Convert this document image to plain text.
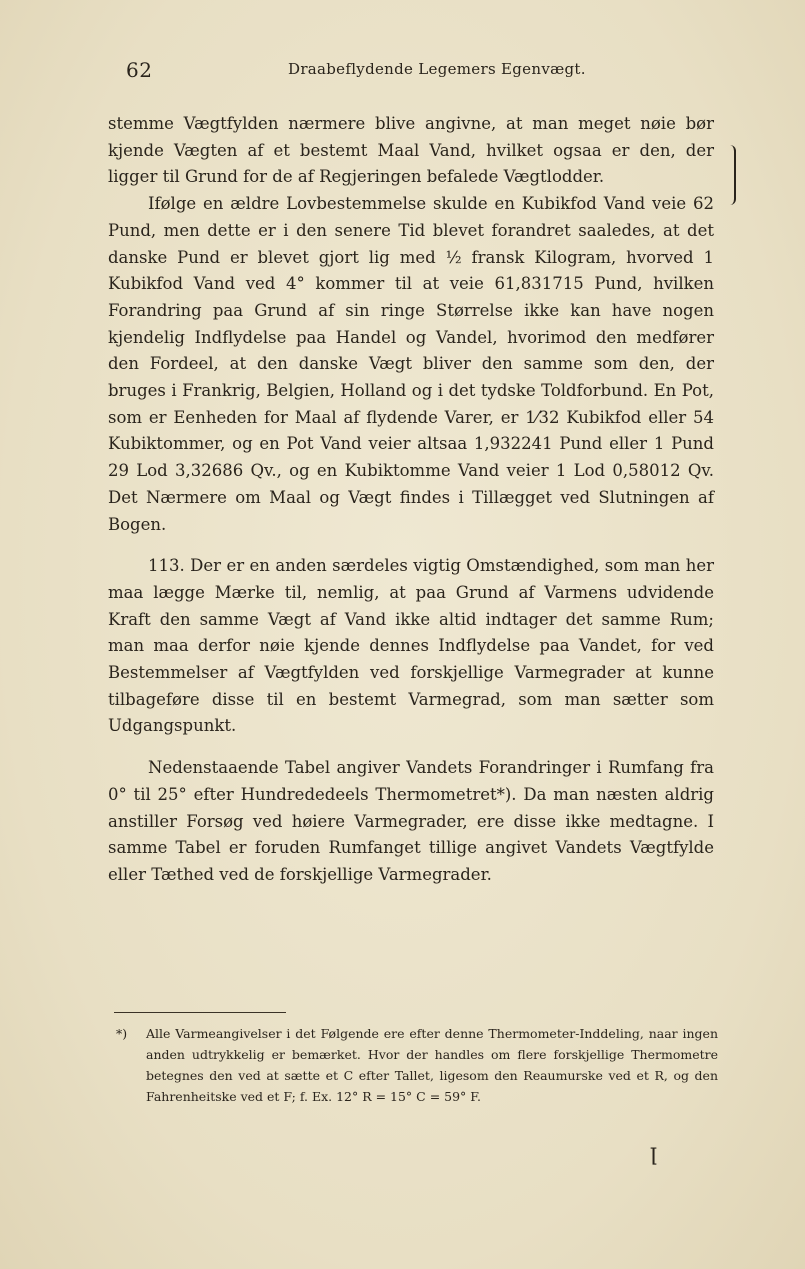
62	Draabeflydende Legemers Egenvægt.

stemme Vægtfylden nærmere blive angivne, at man meget nøie bør kjende Vægten af et bestemt Maal Vand, hvilket ogsaa er den, der ligger til Grund for de af Regjeringen befalede Vægtlodder.

Ifølge en ældre Lovbestemmelse skulde en Kubikfod Vand veie 62 Pund, men dette er i den senere Tid blevet forandret saaledes, at det danske Pund er blevet gjort lig med ½ fransk Kilogram, hvorved 1 Kubikfod Vand ved 4° kommer til at veie 61,831715 Pund, hvilken Forandring paa Grund af sin ringe Størrelse ikke kan have nogen kjendelig Indflydelse paa Handel og Vandel, hvorimod den medfører den Fordeel, at den danske Vægt bliver den samme som den, der bruges i Frankrig, Belgien, Holland og i det tydske Toldforbund. En Pot, som er Eenheden for Maal af flydende Varer, er 1⁄32 Kubikfod eller 54 Kubiktommer, og en Pot Vand veier altsaa 1,932241 Pund eller 1 Pund 29 Lod 3,32686 Qv., og en Kubiktomme Vand veier 1 Lod 0,58012 Qv. Det Nærmere om Maal og Vægt findes i Tillægget ved Slutningen af Bogen.

113. Der er en anden særdeles vigtig Omstændighed, som man her maa lægge Mærke til, nemlig, at paa Grund af Varmens udvidende Kraft den samme Vægt af Vand ikke altid indtager det samme Rum; man maa derfor nøie kjende dennes Indflydelse paa Vandet, for ved Bestemmelser af Vægtfylden ved forskjellige Varmegrader at kunne tilbageføre disse til en bestemt Varmegrad, som man sætter som Udgangspunkt.

Nedenstaaende Tabel angiver Vandets Forandringer i Rumfang fra 0° til 25° efter Hundrededeels Thermometret*). Da man næsten aldrig anstiller Forsøg ved høiere Varmegrader, ere disse ikke medtagne. I samme Tabel er foruden Rumfanget tillige angivet Vandets Vægtfylde eller Tæthed ved de forskjellige Varmegrader.

*)	Alle Varmeangivelser i det Følgende ere efter denne Thermometer-Inddeling, naar ingen anden udtrykkelig er bemærket. Hvor der handles om flere forskjellige Thermometre betegnes den ved at sætte et C efter Tallet, ligesom den Reaumurske ved et R, og den Fahrenheitske ved et F; f. Ex. 12° R = 15° C = 59° F.

ꞁ
